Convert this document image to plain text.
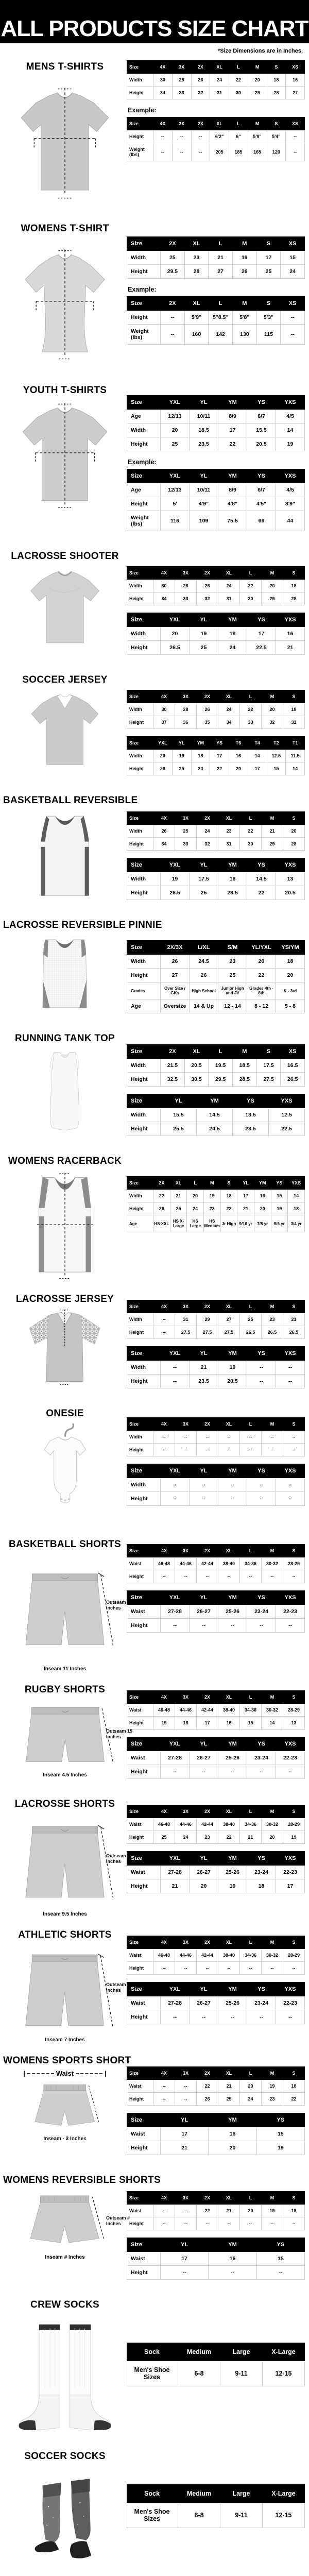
ALL PRODUCTS SIZE CHART
*Size Dimensions are in Inches.
MENS T-SHIRTS	Size	4X	3X	2X	XL	L	M	S	XS
Width	30	28	26	24	22	20	18	16
Height	34	33	32	31	30	29	28	27

Example:

Size	4X	3X	2X	XL	L	M	S	XS
Height	--	--	--	6'2"	6"	5'9"	5'4"	--
Weight (lbs)	--	--	--	205	185	165	120	--
WOMENS T-SHIRT
Size	2X	XL	L	M	S	XS
Width	25	23	21	19	17	15
Height	29.5	28	27	26	25	24

Example:

Size	2X	XL	L	M	S	XS
Height	--	5'9"	5"8.5"	5'8"	5'3"	--
Weight (lbs)	--	160	142	130	115	--
YOUTH T-SHIRTS
Size	YXL	YL	YM	YS	YXS
Age	12/13	10/11	8/9	6/7	4/5
Width	20	18.5	17	15.5	14
Height	25	23.5	22	20.5	19

Example:

Size	YXL	YL	YM	YS	YXS
Age	12/13	10/11	8/9	6/7	4/5
Height	5'	4'9"	4'8"	4'5"	3'9"
Weight (lbs)	116	109	75.5	66	44
LACROSSE SHOOTER
Size	4X	3X	2X	XL	L	M	S
Width	30	28	26	24	22	20	18
Height	34	33	32	31	30	29	28
Size	YXL	YL	YM	YS	YXS
Width	20	19	18	17	16
Height	26.5	25	24	22.5	21
SOCCER JERSEY
Size	4X	3X	2X	XL	L	M	S
Width	30	28	26	24	22	20	18
Height	37	36	35	34	33	32	31
Size	YXL	YL	YM	YS	T6	T4	T2	T1
Width	20	19	18	17	16	14	12.5	11.5
Height	26	25	24	22	20	17	15	14
BASKETBALL REVERSIBLE
Size	4X	3X	2X	XL	L	M	S
Width	26	25	24	23	22	21	20
Height	34	33	32	31	30	29	28
Size	YXL	YL	YM	YS	YXS
Width	19	17.5	16	14.5	13
Height	26.5	25	23.5	22	20.5
LACROSSE REVERSIBLE PINNIE
Size	2X/3X	L/XL	S/M	YL/YXL	YS/YM
Width	26	24.5	23	20	18
Height	27	26	25	22	20
Grades	Over Size / GKs	High School	Junior High and JV	Grades 4th - 6th	K - 3rd
Age	Oversize	14 & Up	12 - 14	8 - 12	5 - 8
RUNNING TANK TOP
Size	2X	XL	L	M	S	XS
Width	21.5	20.5	19.5	18.5	17.5	16.5
Height	32.5	30.5	29.5	28.5	27.5	26.5
Size	YL	YM	YS	YXS
Width	15.5	14.5	13.5	12.5
Height	25.5	24.5	23.5	22.5
WOMENS RACERBACK
Size	2X	XL	L	M	S	YL	YM	YS	YXS
Width	22	21	20	19	18	17	16	15	14
Height	26	25	24	23	22	21	20	19	18
Age	HS XXL	HS X-Large	HS Large	HS Medium	Jr High	9/10 yr	7/8 yr	5/6 yr	3/4 yr
LACROSSE JERSEY
Size	4X	3X	2X	XL	L	M	S
Width	--	31	29	27	25	23	21
Height	--	27.5	27.5	27.5	26.5	26.5	26.5
Size	YXL	YL	YM	YS	YXS
Width	--	21	19	--	--
Height	--	23.5	20.5	--	--
ONESIE
Size	4X	3X	2X	XL	L	M	S
Width	--	--	--	--	--	--	--
Height	--	--	--	--	--	--	--
Size	YXL	YL	YM	YS	YXS
Width	--	--	--	--	--
Height	--	--	--	--	--
BASKETBALL SHORTS
Outseam # Inches
Inseam 11 Inches
Size	4X	3X	2X	XL	L	M	S
Waist	46-48	44-46	42-44	38-40	34-36	30-32	28-29
Height	--	--	--	--	--	--	--
Size	YXL	YL	YM	YS	YXS
Waist	27-28	26-27	25-26	23-24	22-23
Height	--	--	--	--	--
RUGBY SHORTS
Outseam 15 Inches
Inseam 4.5 Inches
Size	4X	3X	2X	XL	L	M	S
Waist	46-48	44-46	42-44	38-40	34-36	30-32	28-29
Height	19	18	17	16	15	14	13
Size	YXL	YL	YM	YS	YXS
Waist	27-28	26-27	25-26	23-24	22-23
Height	--	--	--	--	--
LACROSSE SHORTS
Outseam # Inches
Inseam 9.5 Inches
Size	4X	3X	2X	XL	L	M	S
Waist	46-48	44-46	42-44	38-40	34-36	30-32	28-29
Height	25	24	23	22	21	20	19
Size	YXL	YL	YM	YS	YXS
Waist	27-28	26-27	25-26	23-24	22-23
Height	21	20	19	18	17
ATHLETIC SHORTS
Outseam # Inches
Inseam 7 Inches
Size	4X	3X	2X	XL	L	M	S
Waist	46-48	44-46	42-44	38-40	34-36	30-32	28-29
Height	--	--	--	--	--	--	--
Size	YXL	YL	YM	YS	YXS
Waist	27-28	26-27	25-26	23-24	22-23
Height	--	--	--	--	--
WOMENS SPORTS SHORT
|	Waist	|
Inseam - 3 Inches
Size	4X	3X	2X	XL	L	M	S
Waist	--	--	22	21	20	19	18
Height	--	--	26	25	24	23	22
Size	YL	YM	YS
Waist	17	16	15
Height	21	20	19
WOMENS REVERSIBLE SHORTS
Outseam # Inches
Inseam # Inches
Size	4X	3X	2X	XL	L	M	S
Waist	--	--	22	21	20	19	18
Height	--	--	--	--	--	--	--
Size	YL	YM	YS
Waist	17	16	15
Height	--	--	--
CREW SOCKS
Sock	Medium	Large	X-Large
Men's Shoe Sizes	6-8	9-11	12-15
SOCCER SOCKS
Sock	Medium	Large	X-Large
Men's Shoe Sizes	6-8	9-11	12-15
